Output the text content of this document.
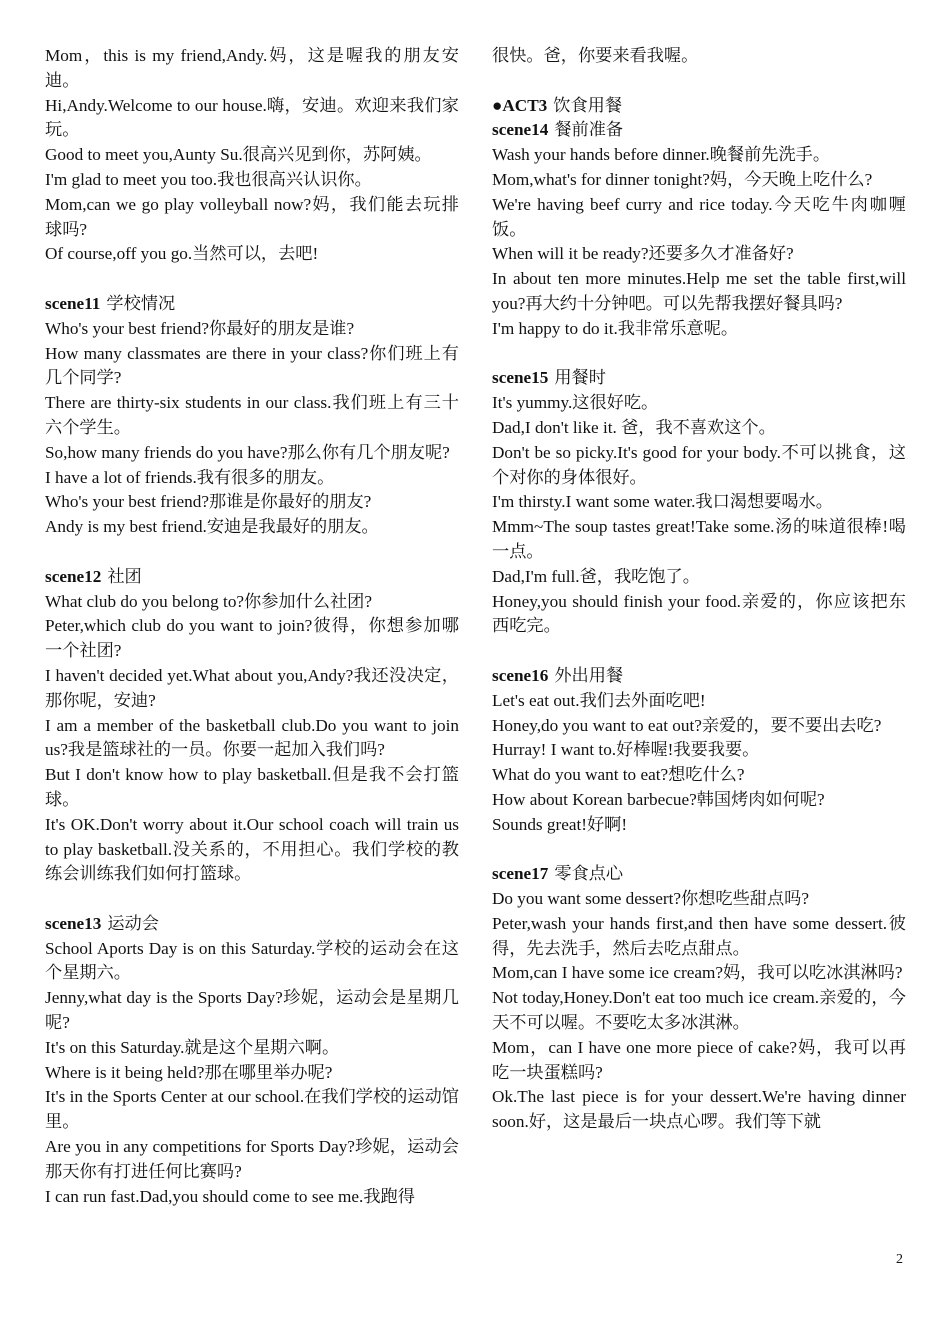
Mom，this is my friend,Andy.妈，这是喔我的朋友安迪。
Hi,Andy.Welcome to our house.嗨，安迪。欢迎来我们家玩。
Good to meet you,Aunty Su.很高兴见到你，苏阿姨。
I'm glad to meet you too.我也很高兴认识你。
Mom,can we go play volleyball now?妈，我们能去玩排球吗?
Of course,off you go.当然可以，去吧!
scene11 学校情况
Who's your best friend?你最好的朋友是谁?
How many classmates are there in your class?你们班上有几个同学?
There are thirty-six students in our class.我们班上有三十六个学生。
So,how many friends do you have?那么你有几个朋友呢?
I have a lot of friends.我有很多的朋友。
Who's your best friend?那谁是你最好的朋友?
Andy is my best friend.安迪是我最好的朋友。
scene12 社团
What club do you belong to?你参加什么社团?
Peter,which club do you want to join?彼得，你想参加哪一个社团?
I haven't decided yet.What about you,Andy?我还没决定，那你呢，安迪?
I am a member of the basketball club.Do you want to join us?我是篮球社的一员。你要一起加入我们吗?
But I don't know how to play basketball.但是我不会打篮球。
It's OK.Don't worry about it.Our school coach will train us to play basketball.没关系的，不用担心。我们学校的教练会训练我们如何打篮球。
scene13 运动会
School Aports Day is on this Saturday.学校的运动会在这个星期六。
Jenny,what day is the Sports Day?珍妮，运动会是星期几呢?
It's on this Saturday.就是这个星期六啊。
Where is it being held?那在哪里举办呢?
It's in the Sports Center at our school.在我们学校的运动馆里。
Are you in any competitions for Sports Day?珍妮，运动会那天你有打进任何比赛吗?
I can run fast.Dad,you should come to see me.我跑得
很快。爸，你要来看我喔。
●ACT3 饮食用餐
scene14 餐前准备
Wash your hands before dinner.晚餐前先洗手。
Mom,what's for dinner tonight?妈，今天晚上吃什么?
We're having beef curry and rice today.今天吃牛肉咖喱饭。
When will it be ready?还要多久才准备好?
In about ten more minutes.Help me set the table first,will you?再大约十分钟吧。可以先帮我摆好餐具吗?
I'm happy to do it.我非常乐意呢。
scene15 用餐时
It's yummy.这很好吃。
Dad,I don't like it. 爸，我不喜欢这个。
Don't be so picky.It's good for your body.不可以挑食，这个对你的身体很好。
I'm thirsty.I want some water.我口渴想要喝水。
Mmm~The soup tastes great!Take some.汤的味道很棒!喝一点。
Dad,I'm full.爸，我吃饱了。
Honey,you should finish your food.亲爱的，你应该把东西吃完。
scene16 外出用餐
Let's eat out.我们去外面吃吧!
Honey,do you want to eat out?亲爱的，要不要出去吃?
Hurray! I want to.好棒喔!我要我要。
What do you want to eat?想吃什么?
How about Korean barbecue?韩国烤肉如何呢?
Sounds great!好啊!
scene17 零食点心
Do you want some dessert?你想吃些甜点吗?
Peter,wash your hands first,and then have some dessert.彼得，先去洗手，然后去吃点甜点。
Mom,can I have some ice cream?妈，我可以吃冰淇淋吗?
Not today,Honey.Don't eat too much ice cream.亲爱的，今天不可以喔。不要吃太多冰淇淋。
Mom，can I have one more piece of cake?妈，我可以再吃一块蛋糕吗?
Ok.The last piece is for your dessert.We're having dinner soon.好，这是最后一块点心啰。我们等下就
2
